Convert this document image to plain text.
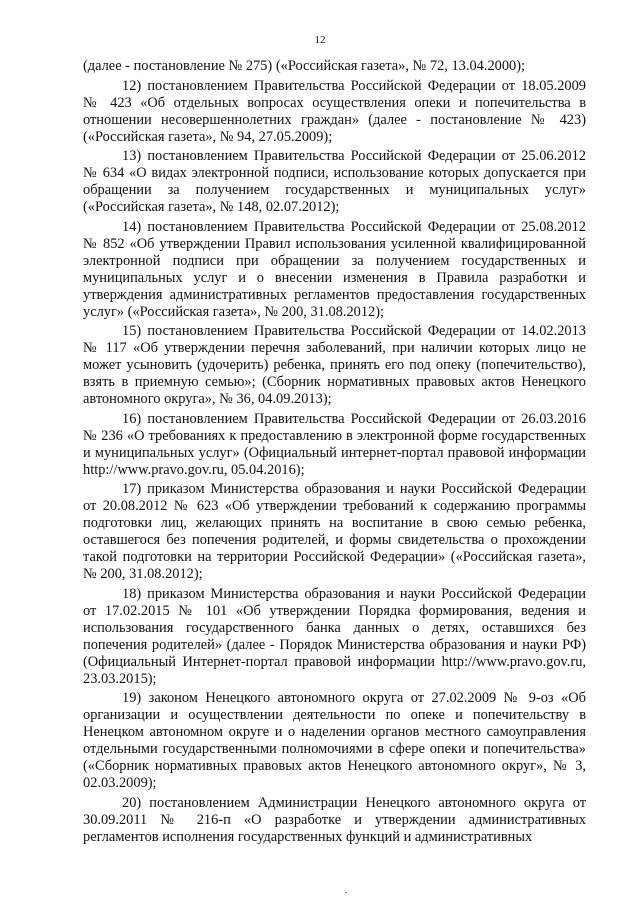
12

(далее - постановление № 275) («Российская газета», № 72, 13.04.2000);

12) постановлением Правительства Российской Федерации от 18.05.2009 № 423 «Об отдельных вопросах осуществления опеки и попечительства в отношении несовершеннолетних граждан» (далее - постановление № 423) («Российская газета», № 94, 27.05.2009);

13) постановлением Правительства Российской Федерации от 25.06.2012 № 634 «О видах электронной подписи, использование которых допускается при обращении за получением государственных и муниципальных услуг» («Российская газета», № 148, 02.07.2012);

14) постановлением Правительства Российской Федерации от 25.08.2012 № 852 «Об утверждении Правил использования усиленной квалифицированной электронной подписи при обращении за получением государственных и муниципальных услуг и о внесении изменения в Правила разработки и утверждения административных регламентов предоставления государственных услуг» («Российская газета», № 200, 31.08.2012);

15) постановлением Правительства Российской Федерации от 14.02.2013 № 117 «Об утверждении перечня заболеваний, при наличии которых лицо не может усыновить (удочерить) ребенка, принять его под опеку (попечительство), взять в приемную семью»; (Сборник нормативных правовых актов Ненецкого автономного округа», № 36, 04.09.2013);

16) постановлением Правительства Российской Федерации от 26.03.2016 № 236 «О требованиях к предоставлению в электронной форме государственных и муниципальных услуг» (Официальный интернет-портал правовой информации http://www.pravo.gov.ru, 05.04.2016);

17) приказом Министерства образования и науки Российской Федерации от 20.08.2012 № 623 «Об утверждении требований к содержанию программы подготовки лиц, желающих принять на воспитание в свою семью ребенка, оставшегося без попечения родителей, и формы свидетельства о прохождении такой подготовки на территории Российской Федерации» («Российская газета», № 200, 31.08.2012);

18) приказом Министерства образования и науки Российской Федерации от 17.02.2015 № 101 «Об утверждении Порядка формирования, ведения и использования государственного банка данных о детях, оставшихся без попечения родителей» (далее - Порядок Министерства образования и науки РФ) (Официальный Интернет-портал правовой информации http://www.pravo.gov.ru, 23.03.2015);

19) законом Ненецкого автономного округа от 27.02.2009 № 9-оз «Об организации и осуществлении деятельности по опеке и попечительству в Ненецком автономном округе и о наделении органов местного самоуправления отдельными государственными полномочиями в сфере опеки и попечительства» («Сборник нормативных правовых актов Ненецкого автономного округ», № 3, 02.03.2009);

20) постановлением Администрации Ненецкого автономного округа от 30.09.2011 № 216-п «О разработке и утверждении административных регламентов исполнения государственных функций и административных
